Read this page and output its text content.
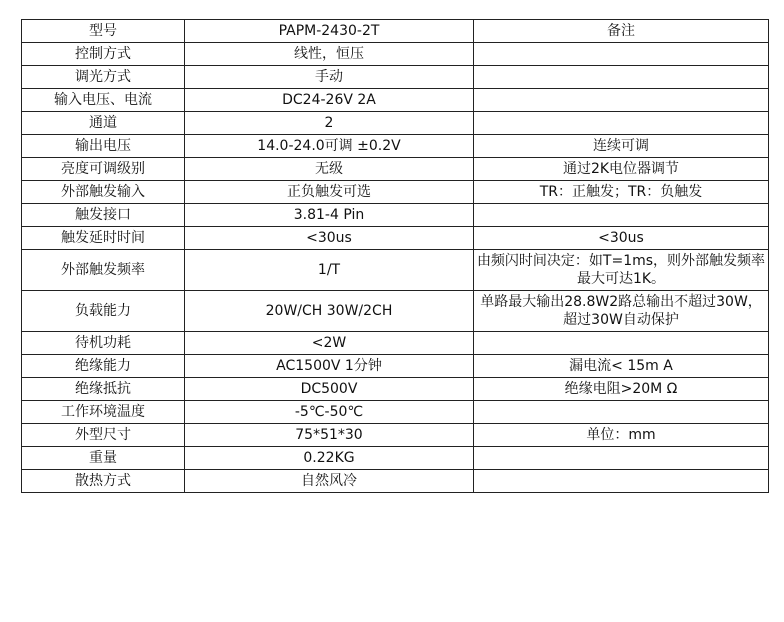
型号	PAPM-2430-2T	备注
控制方式	线性，恒压	
调光方式	手动	
输入电压、电流	DC24-26V 2A	
通道	2	
输出电压	14.0-24.0可调 ±0.2V	连续可调
亮度可调级别	无级	通过2K电位器调节
外部触发输入	正负触发可选	TR：正触发；TR：负触发
触发接口	3.81-4 Pin	
触发延时时间	<30us	<30us
外部触发频率	1/T	由频闪时间决定：如T=1ms，则外部触发频率最大可达1K。
负载能力	20W/CH 30W/2CH	单路最大输出28.8W2路总输出不超过30W，超过30W自动保护
待机功耗	<2W	
绝缘能力	AC1500V 1分钟	漏电流< 15m A
绝缘抵抗	DC500V	绝缘电阻>20M Ω
工作环境温度	-5℃-50℃	
外型尺寸	75*51*30	单位：mm
重量	0.22KG	
散热方式	自然风冷	
